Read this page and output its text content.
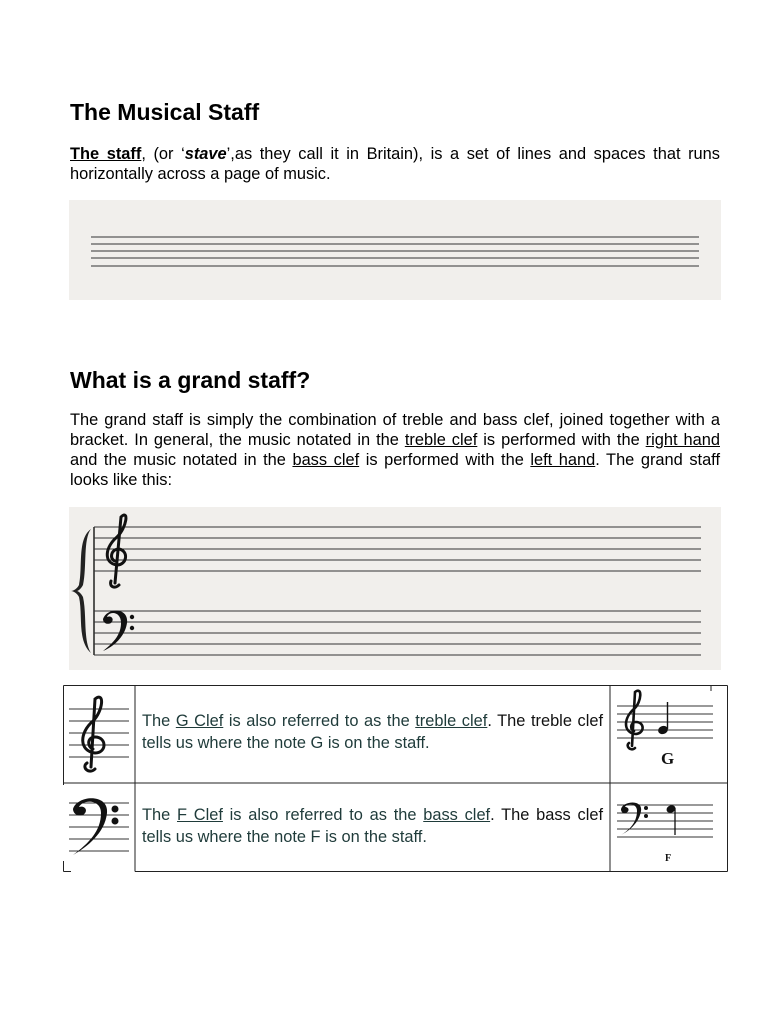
The Musical Staff

The staff, (or ‘stave’,as they call it in Britain), is a set of lines and spaces that runs horizontally across a page of music.

What is a grand staff?

The grand staff is simply the combination of treble and bass clef, joined together with a bracket. In general, the music notated in the treble clef is performed with the right hand and the music notated in the bass clef is performed with the left hand. The grand staff looks like this:

The G Clef is also referred to as the treble clef. The treble clef tells us where the note G is on the staff.
G
The F Clef is also referred to as the bass clef. The bass clef tells us where the note F is on the staff.
F
